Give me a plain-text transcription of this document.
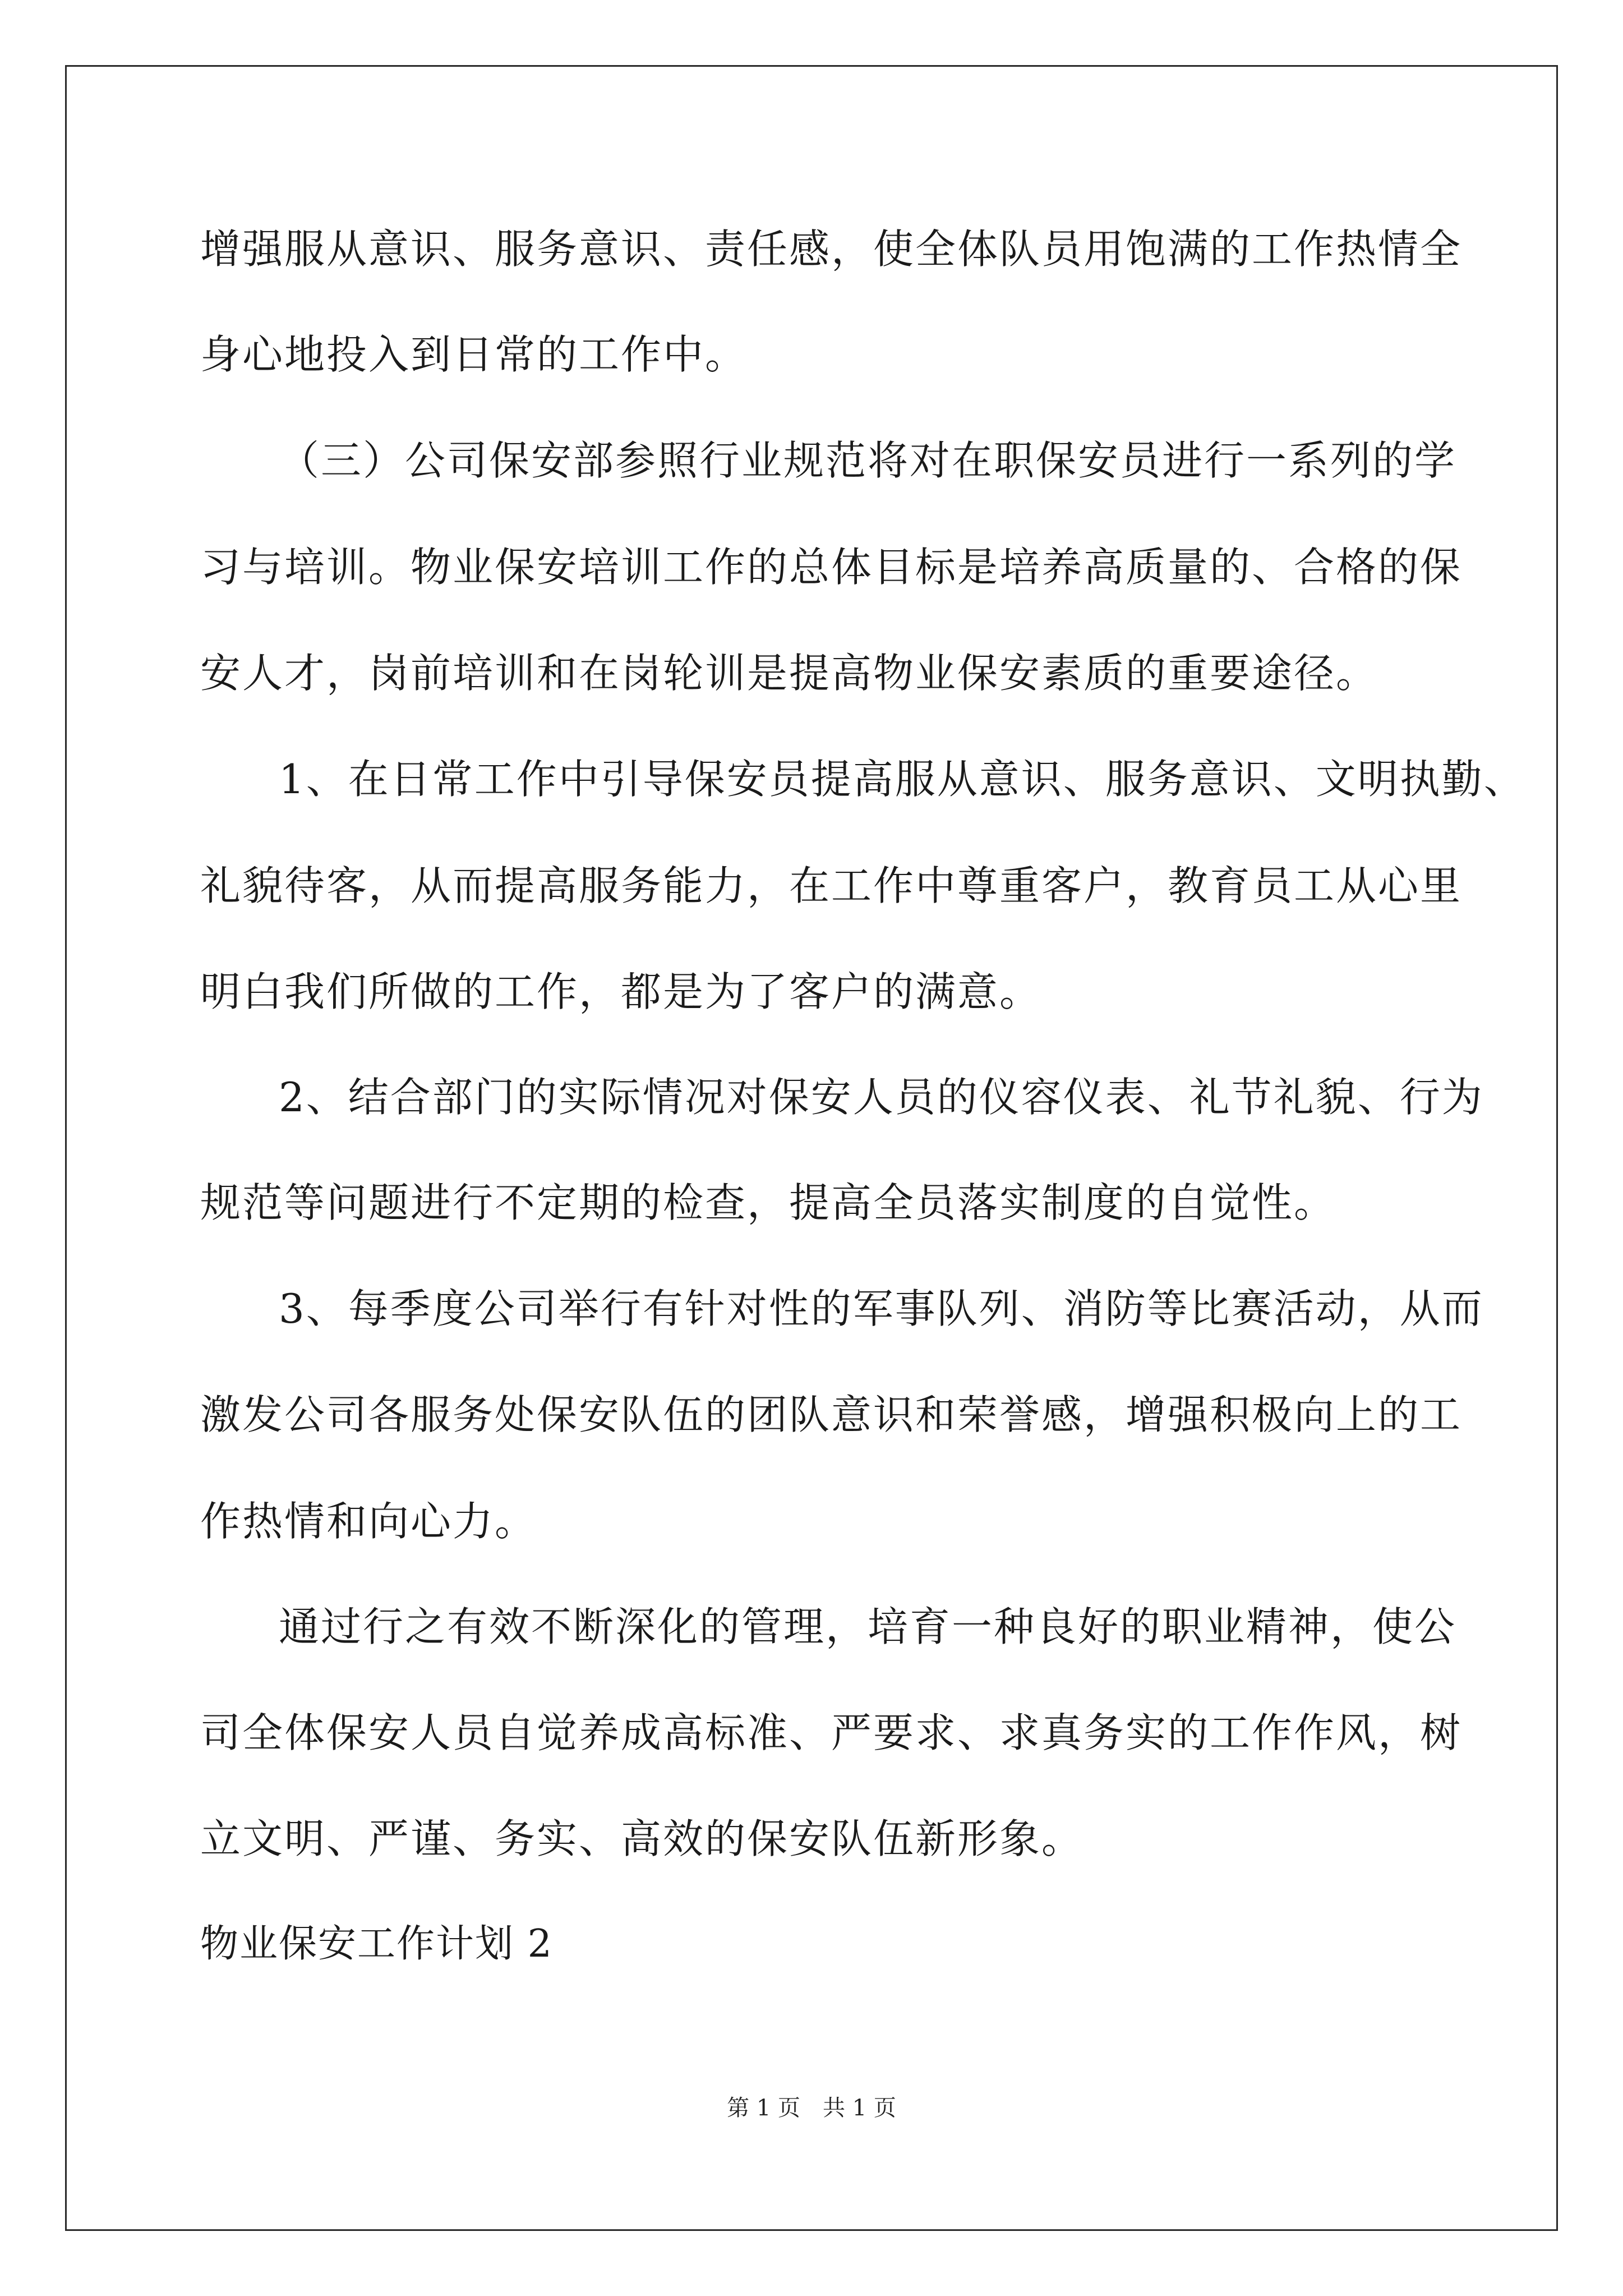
增强服从意识、服务意识、责任感，使全体队员用饱满的工作热情全
身心地投入到日常的工作中。
（三）公司保安部参照行业规范将对在职保安员进行一系列的学
习与培训。物业保安培训工作的总体目标是培养高质量的、合格的保
安人才，岗前培训和在岗轮训是提高物业保安素质的重要途径。
1、在日常工作中引导保安员提高服从意识、服务意识、文明执勤、
礼貌待客，从而提高服务能力，在工作中尊重客户，教育员工从心里
明白我们所做的工作，都是为了客户的满意。
2、结合部门的实际情况对保安人员的仪容仪表、礼节礼貌、行为
规范等问题进行不定期的检查，提高全员落实制度的自觉性。
3、每季度公司举行有针对性的军事队列、消防等比赛活动，从而
激发公司各服务处保安队伍的团队意识和荣誉感，增强积极向上的工
作热情和向心力。
通过行之有效不断深化的管理，培育一种良好的职业精神，使公
司全体保安人员自觉养成高标准、严要求、求真务实的工作作风，树
立文明、严谨、务实、高效的保安队伍新形象。
物业保安工作计划 2
第 1 页　共 1 页
